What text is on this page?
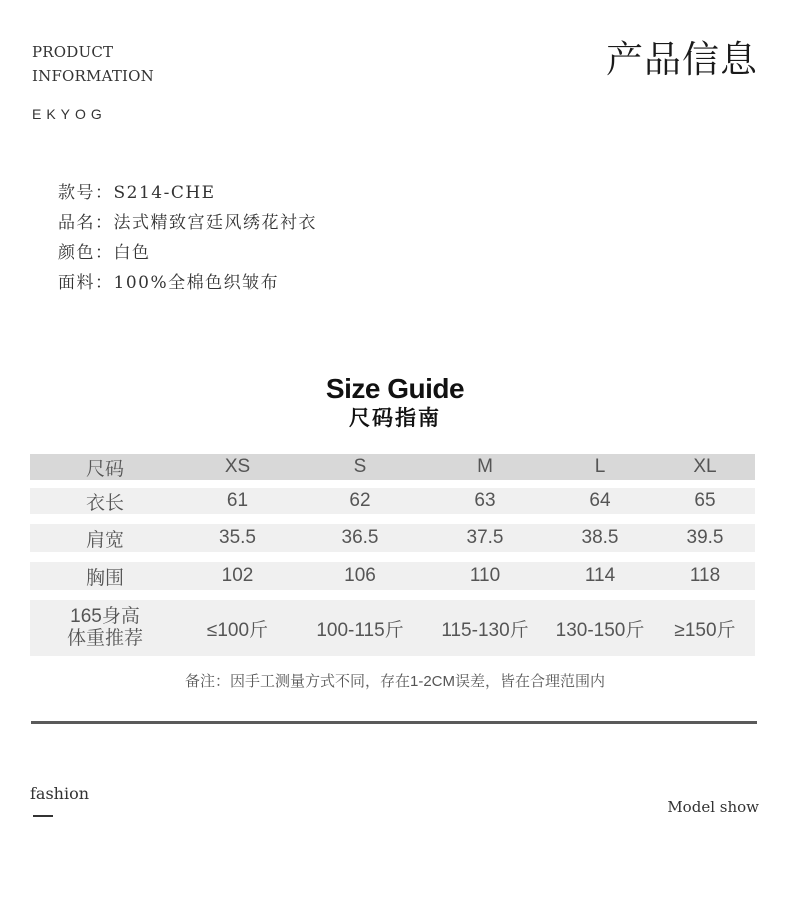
PRODUCT
INFORMATION	产品信息
EKYOG
款号：S214-CHE
品名：法式精致宫廷风绣花衬衣
颜色：白色
面料：100%全棉色织皱布
Size Guide
尺码指南
尺码	XS	S	M	L	XL
衣长	61	62	63	64	65
肩宽	35.5	36.5	37.5	38.5	39.5
胸围	102	106	110	114	118
165身高
体重推荐	≤100斤	100-115斤	115-130斤	130-150斤	≥150斤
备注：因手工测量方式不同，存在1-2CM误差，皆在合理范围内
fashion
Model show
